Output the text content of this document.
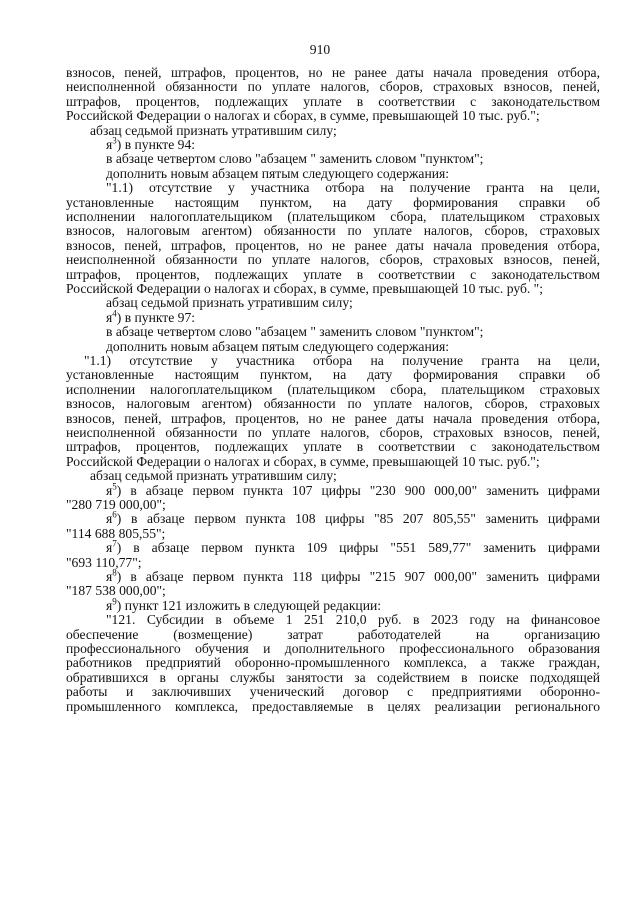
910
взносов, пеней, штрафов, процентов, но не ранее даты начала проведения отбора,
неисполненной обязанности по уплате налогов, сборов, страховых взносов, пеней,
штрафов, процентов, подлежащих уплате в соответствии с законодательством
Российской Федерации о налогах и сборах, в сумме, превышающей 10 тыс. руб.";
абзац седьмой признать утратившим силу;
$я^3$) в пункте 94:
в абзаце четвертом слово "абзацем " заменить словом "пунктом";
дополнить новым абзацем пятым следующего содержания:
"1.1) отсутствие у участника отбора на получение гранта на цели,
установленные настоящим пунктом, на дату формирования справки об
исполнении налогоплательщиком (плательщиком сбора, плательщиком страховых
взносов, налоговым агентом) обязанности по уплате налогов, сборов, страховых
взносов, пеней, штрафов, процентов, но не ранее даты начала проведения отбора,
неисполненной обязанности по уплате налогов, сборов, страховых взносов, пеней,
штрафов, процентов, подлежащих уплате в соответствии с законодательством
Российской Федерации о налогах и сборах, в сумме, превышающей 10 тыс. руб. ";
абзац седьмой признать утратившим силу;
$я^4$) в пункте 97:
в абзаце четвертом слово "абзацем " заменить словом "пунктом";
дополнить новым абзацем пятым следующего содержания:
"1.1) отсутствие у участника отбора на получение гранта на цели,
установленные настоящим пунктом, на дату формирования справки об
исполнении налогоплательщиком (плательщиком сбора, плательщиком страховых
взносов, налоговым агентом) обязанности по уплате налогов, сборов, страховых
взносов, пеней, штрафов, процентов, но не ранее даты начала проведения отбора,
неисполненной обязанности по уплате налогов, сборов, страховых взносов, пеней,
штрафов, процентов, подлежащих уплате в соответствии с законодательством
Российской Федерации о налогах и сборах, в сумме, превышающей 10 тыс. руб.";
абзац седьмой признать утратившим силу;
$я^5$) в абзаце первом пункта 107 цифры "230 900 000,00" заменить цифрами
"280 719 000,00";
$я^6$) в абзаце первом пункта 108 цифры "85 207 805,55" заменить цифрами
"114 688 805,55";
$я^7$) в абзаце первом пункта 109 цифры "551 589,77" заменить цифрами
"693 110,77";
$я^8$) в абзаце первом пункта 118 цифры "215 907 000,00" заменить цифрами
"187 538 000,00";
$я^9$) пункт 121 изложить в следующей редакции:
"121. Субсидии в объеме 1 251 210,0 руб. в 2023 году на финансовое
обеспечение (возмещение) затрат работодателей на организацию
профессионального обучения и дополнительного профессионального образования
работников предприятий оборонно-промышленного комплекса, а также граждан,
обратившихся в органы службы занятости за содействием в поиске подходящей
работы и заключивших ученический договор с предприятиями оборонно-
промышленного комплекса, предоставляемые в целях реализации регионального
